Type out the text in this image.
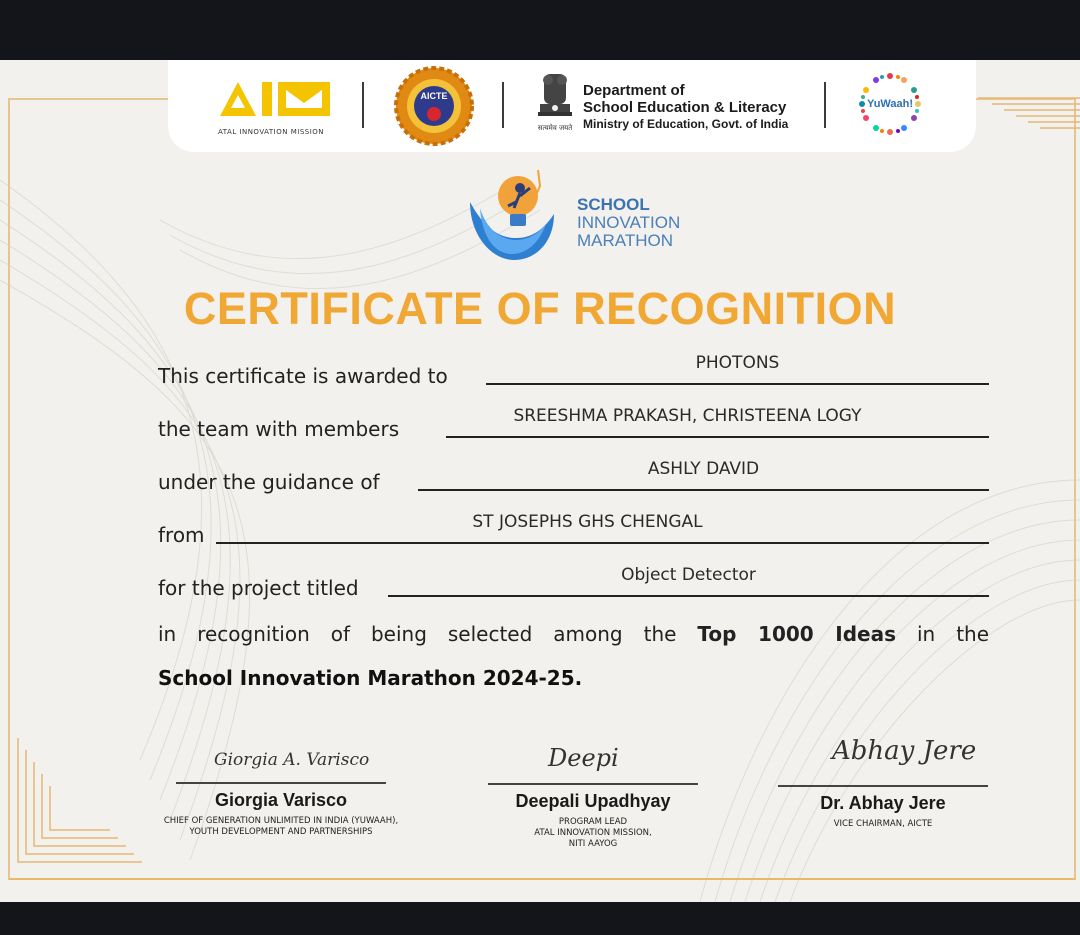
ATAL INNOVATION MISSION
AICTE
सत्यमेव जयते
Department of
School Education & Literacy
Ministry of Education, Govt. of India
YuWaah!
SCHOOL
INNOVATION
MARATHON
CERTIFICATE OF RECOGNITION
This certificate is awarded to
PHOTONS
the team with members
SREESHMA PRAKASH, CHRISTEENA LOGY
under the guidance of
ASHLY DAVID
from
ST JOSEPHS GHS CHENGAL
for the project titled
Object Detector
in recognition of being selected among the Top 1000 Ideas in the
School Innovation Marathon 2024-25.
Giorgia A. Varisco
Giorgia Varisco
CHIEF OF GENERATION UNLIMITED IN INDIA (YUWAAH),
YOUTH DEVELOPMENT AND PARTNERSHIPS
Deepi
Deepali Upadhyay
PROGRAM LEAD
ATAL INNOVATION MISSION,
NITI AAYOG
Abhay Jere
Dr. Abhay Jere
VICE CHAIRMAN, AICTE
